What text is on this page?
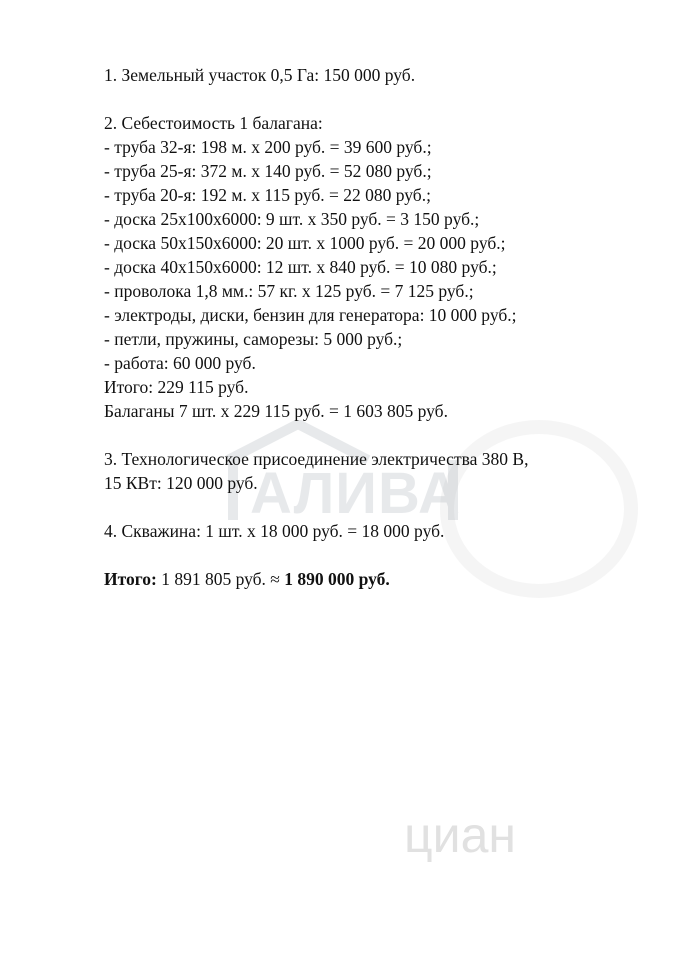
АЛИВА
циан
1. Земельный участок 0,5 Га: 150 000 руб.
2. Себестоимость 1 балагана:
- труба 32-я: 198 м. х 200 руб. = 39 600 руб.;
- труба 25-я: 372 м. х 140 руб. = 52 080 руб.;
- труба 20-я: 192 м. х 115 руб. = 22 080 руб.;
- доска 25х100х6000: 9 шт. х 350 руб. = 3 150 руб.;
- доска 50х150х6000: 20 шт. х 1000 руб. = 20 000 руб.;
- доска 40х150х6000: 12 шт. х 840 руб. = 10 080 руб.;
- проволока 1,8 мм.: 57 кг. х 125 руб. = 7 125 руб.;
- электроды, диски, бензин для генератора: 10 000 руб.;
- петли, пружины, саморезы: 5 000 руб.;
- работа: 60 000 руб.
Итого: 229 115 руб.
Балаганы 7 шт. х 229 115 руб. = 1 603 805 руб.
3. Технологическое присоединение электричества 380 В,
15 КВт: 120 000 руб.
4. Скважина: 1 шт. х 18 000 руб. = 18 000 руб.
Итого: 1 891 805 руб. ≈ 1 890 000 руб.
